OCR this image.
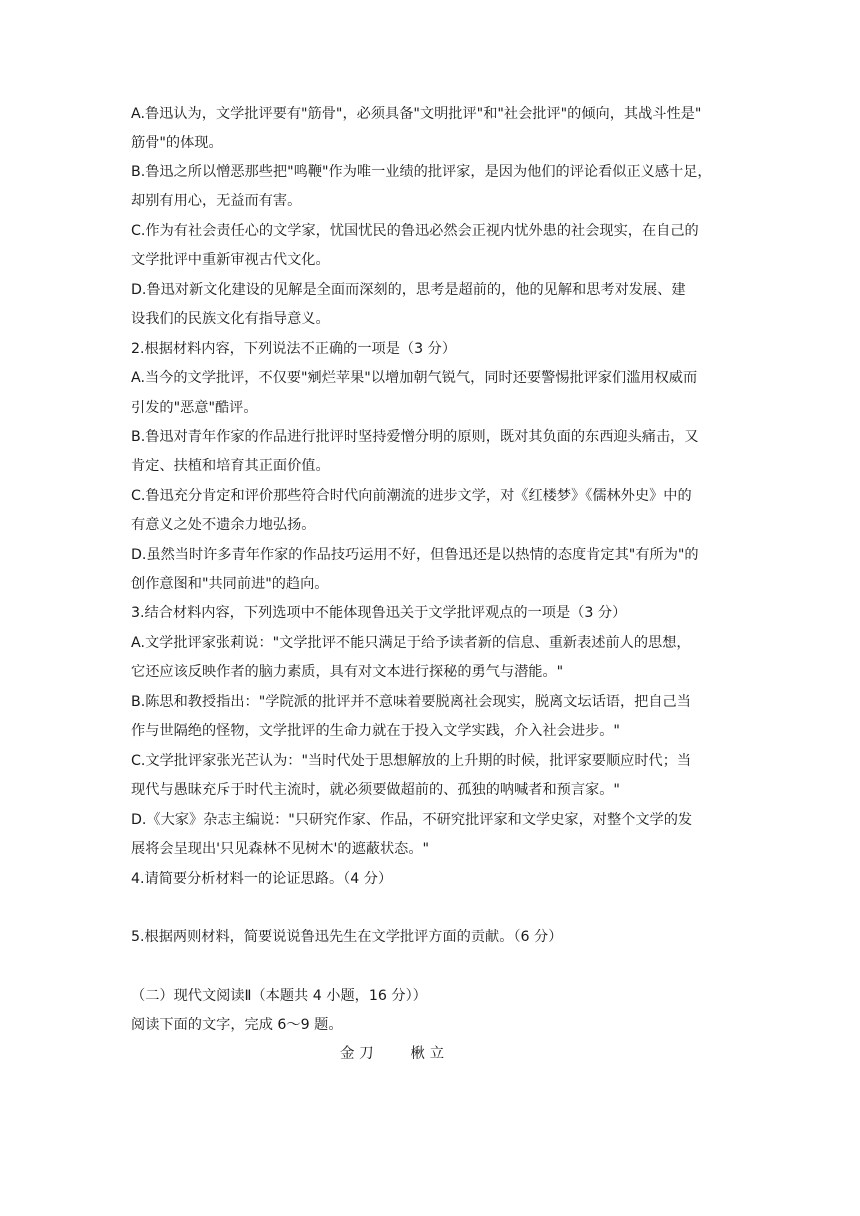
A.鲁迅认为，文学批评要有"筋骨"，必须具备"文明批评"和"社会批评"的倾向，其战斗性是"
筋骨"的体现。
B.鲁迅之所以憎恶那些把"鸣鞭"作为唯一业绩的批评家，是因为他们的评论看似正义感十足，
却别有用心，无益而有害。
C.作为有社会责任心的文学家，忧国忧民的鲁迅必然会正视内忧外患的社会现实，在自己的
文学批评中重新审视古代文化。
D.鲁迅对新文化建设的见解是全面而深刻的，思考是超前的，他的见解和思考对发展、建
设我们的民族文化有指导意义。
2.根据材料内容，下列说法不正确的一项是（3 分）
A.当今的文学批评，不仅要"剜烂苹果"以增加朝气锐气，同时还要警惕批评家们滥用权威而
引发的"恶意"酷评。
B.鲁迅对青年作家的作品进行批评时坚持爱憎分明的原则，既对其负面的东西迎头痛击，又
肯定、扶植和培育其正面价值。
C.鲁迅充分肯定和评价那些符合时代向前潮流的进步文学，对《红楼梦》《儒林外史》中的
有意义之处不遗余力地弘扬。
D.虽然当时许多青年作家的作品技巧运用不好，但鲁迅还是以热情的态度肯定其"有所为"的
创作意图和"共同前进"的趋向。
3.结合材料内容，下列选项中不能体现鲁迅关于文学批评观点的一项是（3 分）
A.文学批评家张莉说："文学批评不能只满足于给予读者新的信息、重新表述前人的思想，
它还应该反映作者的脑力素质，具有对文本进行探秘的勇气与潜能。"
B.陈思和教授指出："学院派的批评并不意味着要脱离社会现实，脱离文坛话语，把自己当
作与世隔绝的怪物，文学批评的生命力就在于投入文学实践，介入社会进步。"
C.文学批评家张光芒认为："当时代处于思想解放的上升期的时候，批评家要顺应时代；当
现代与愚昧充斥于时代主流时，就必须要做超前的、孤独的呐喊者和预言家。"
D.《大家》杂志主编说："只研究作家、作品，不研究批评家和文学史家，对整个文学的发
展将会呈现出'只见森林不见树木'的遮蔽状态。"
4.请简要分析材料一的论证思路。（4 分）
5.根据两则材料，简要说说鲁迅先生在文学批评方面的贡献。（6 分）
（二）现代文阅读Ⅱ（本题共 4 小题，16 分））
阅读下面的文字，完成 6～9 题。
金 刀        楸 立
